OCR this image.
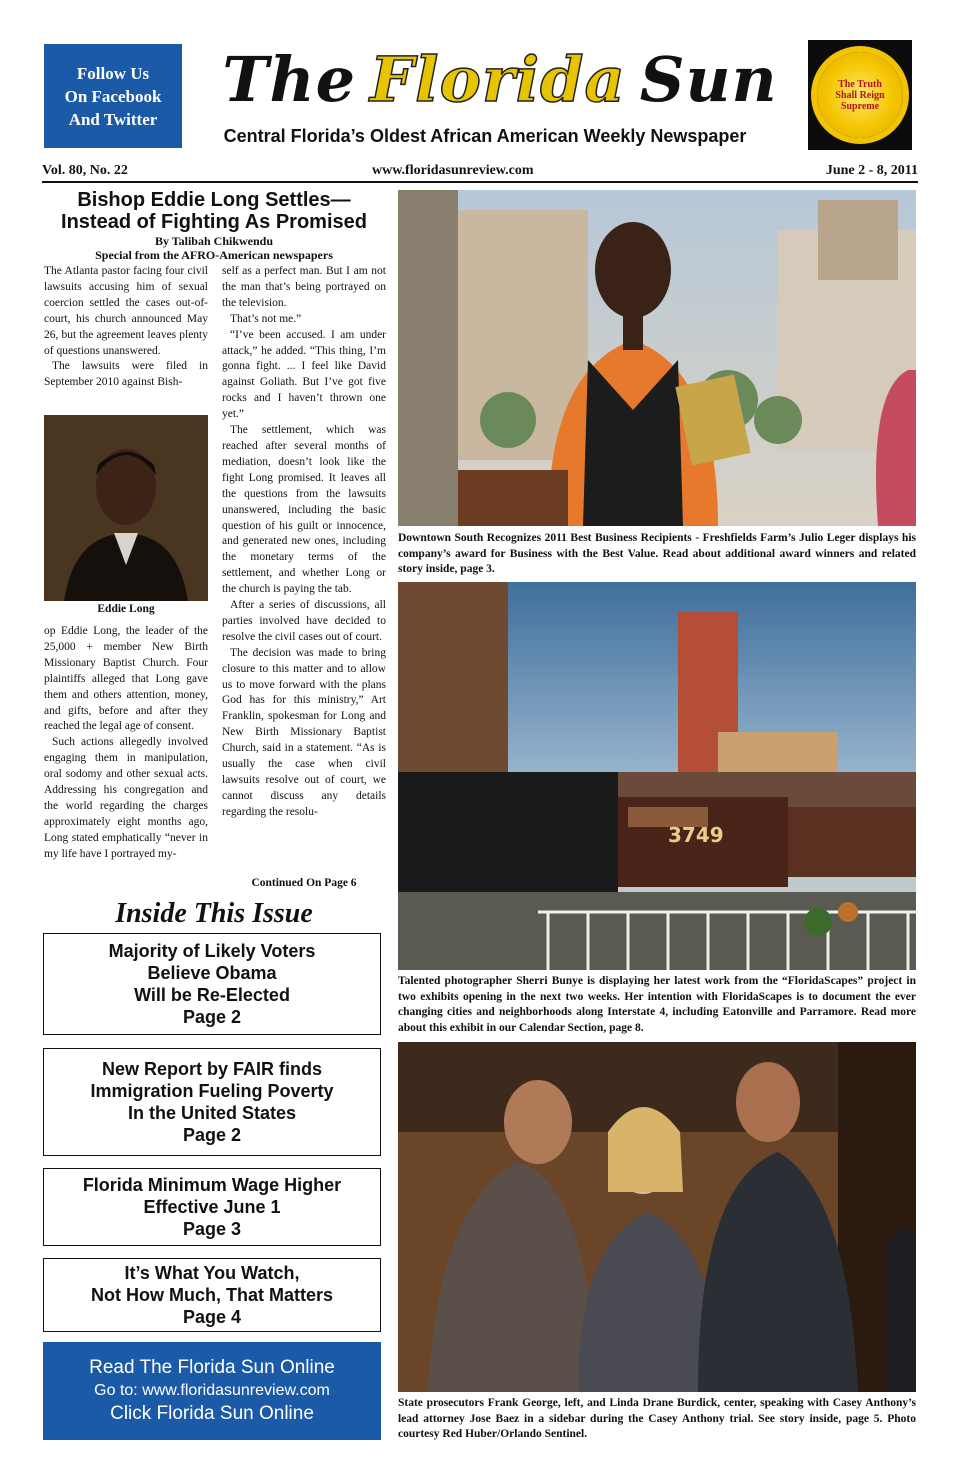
Follow Us
On Facebook
And Twitter
The Florida Sun
Central Florida’s Oldest African American Weekly Newspaper
The Truth
Shall Reign
Supreme
Vol. 80, No. 22	www.floridasunreview.com	June 2 - 8, 2011
Bishop Eddie Long Settles—
Instead of Fighting As Promised
By Talibah Chikwendu
Special from the AFRO-American newspapers

The Atlanta pastor facing four civil lawsuits accusing him of sexual coercion settled the cases out-of-court, his church announced May 26, but the agreement leaves plenty of questions unanswered.

The lawsuits were filed in September 2010 against Bish-

Eddie Long

op Eddie Long, the leader of the 25,000 + member New Birth Missionary Baptist Church. Four plaintiffs alleged that Long gave them and others attention, money, and gifts, before and after they reached the legal age of consent.

Such actions allegedly involved engaging them in manipulation, oral sodomy and other sexual acts. Addressing his congregation and the world regarding the charges approximately eight months ago, Long stated emphatically “never in my life have I portrayed my-

self as a perfect man. But I am not the man that’s being portrayed on the television.

That’s not me.”

“I’ve been accused. I am under attack,” he added. “This thing, I’m gonna fight. ... I feel like David against Goliath. But I’ve got five rocks and I haven’t thrown one yet.”

The settlement, which was reached after several months of mediation, doesn’t look like the fight Long promised. It leaves all the questions from the lawsuits unanswered, including the basic question of his guilt or innocence, and generated new ones, including the monetary terms of the settlement, and whether Long or the church is paying the tab.

After a series of discussions, all parties involved have decided to resolve the civil cases out of court.

The decision was made to bring closure to this matter and to allow us to move forward with the plans God has for this ministry,” Art Franklin, spokesman for Long and New Birth Missionary Baptist Church, said in a statement. “As is usually the case when civil lawsuits resolve out of court, we cannot discuss any details regarding the resolu-

Continued On Page 6
Inside This Issue
Majority of Likely Voters
Believe Obama
Will be Re-Elected
Page 2
New Report by FAIR finds
Immigration Fueling Poverty
In the United States
Page 2
Florida Minimum Wage Higher
Effective June 1
Page 3
It’s What You Watch,
Not How Much, That Matters
Page 4
Read The Florida Sun Online
Go to: www.floridasunreview.com
Click Florida Sun Online
Downtown South Recognizes 2011 Best Business Recipients - Freshfields Farm’s Julio Leger displays his company’s award for Business with the Best Value. Read about additional award winners and related story inside, page 3.
3749
Talented photographer Sherri Bunye is displaying her latest work from the “FloridaScapes” project in two exhibits opening in the next two weeks. Her intention with FloridaScapes is to document the ever changing cities and neighborhoods along Interstate 4, including Eatonville and Parramore. Read more about this exhibit in our Calendar Section, page 8.
State prosecutors Frank George, left, and Linda Drane Burdick, center, speaking with Casey Anthony’s lead attorney Jose Baez in a sidebar during the Casey Anthony trial. See story inside, page 5. Photo courtesy Red Huber/Orlando Sentinel.
